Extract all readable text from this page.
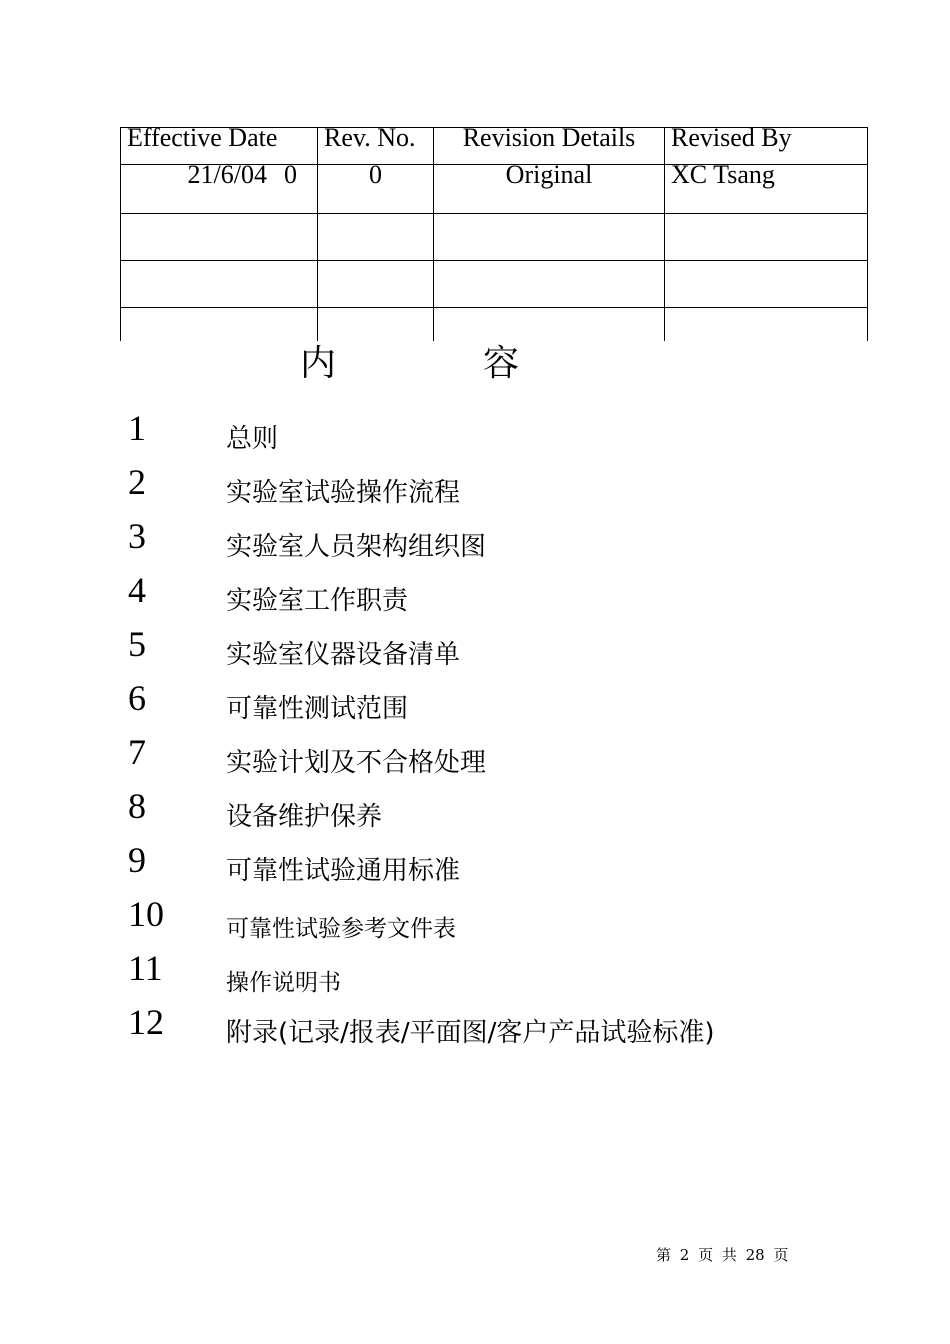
Effective Date	Rev. No.	Revision Details	Revised By
21/6/04 0	0	Original	XC Tsang

内	容
1	总则
2	实验室试验操作流程
3	实验室人员架构组织图
4	实验室工作职责
5	实验室仪器设备清单
6	可靠性测试范围
7	实验计划及不合格处理
8	设备维护保养
9	可靠性试验通用标准
10	可靠性试验参考文件表
11	操作说明书
12 附录(记录/报表/平面图/客户产品试验标准)
第 2 页 共 28 页
